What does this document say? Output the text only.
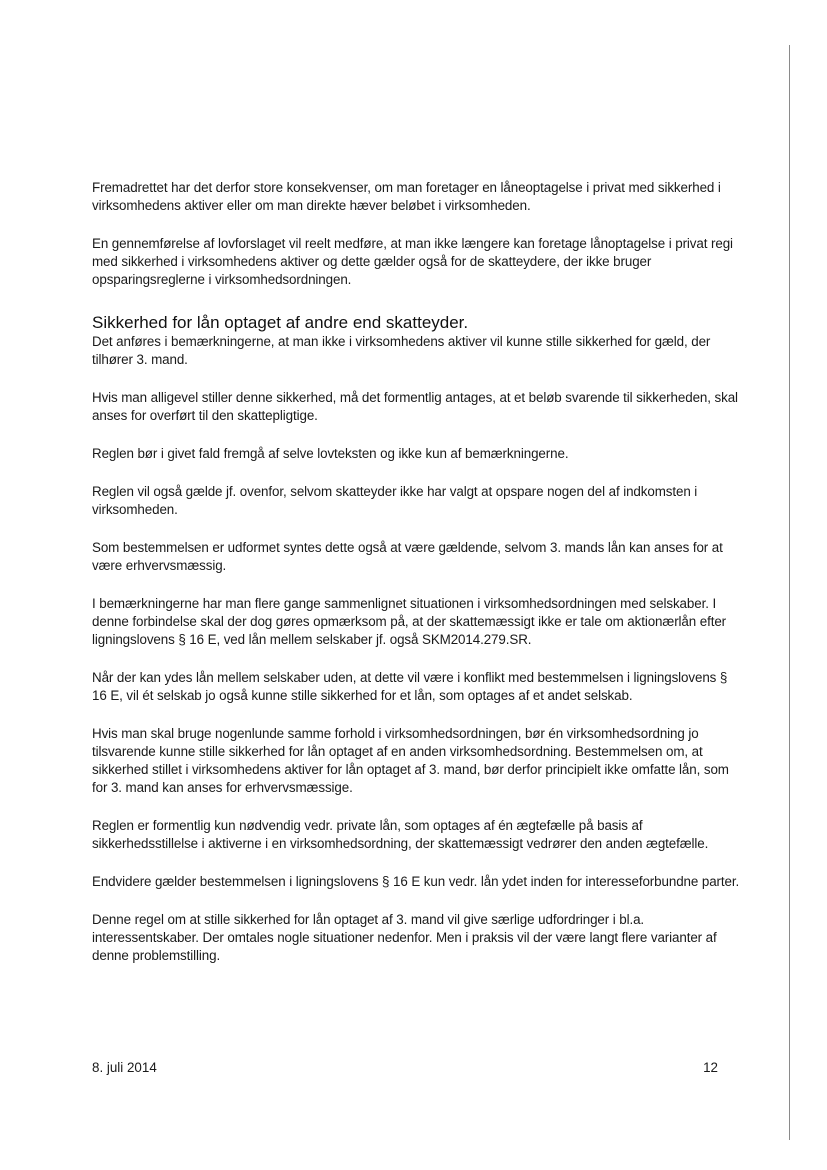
Fremadrettet har det derfor store konsekvenser, om man foretager en låneoptagelse i privat med sikkerhed i virksomhedens aktiver eller om man direkte hæver beløbet i virksomheden.

En gennemførelse af lovforslaget vil reelt medføre, at man ikke længere kan foretage lånoptagelse i privat regi med sikkerhed i virksomhedens aktiver og dette gælder også for de skatteydere, der ikke bruger opsparingsreglerne i virksomhedsordningen.

Sikkerhed for lån optaget af andre end skatteyder.

Det anføres i bemærkningerne, at man ikke i virksomhedens aktiver vil kunne stille sikkerhed for gæld, der tilhører 3. mand.

Hvis man alligevel stiller denne sikkerhed, må det formentlig antages, at et beløb svarende til sikkerheden, skal anses for overført til den skattepligtige.

Reglen bør i givet fald fremgå af selve lovteksten og ikke kun af bemærkningerne.

Reglen vil også gælde jf. ovenfor, selvom skatteyder ikke har valgt at opspare nogen del af indkomsten i virksomheden.

Som bestemmelsen er udformet syntes dette også at være gældende, selvom 3. mands lån kan anses for at være erhvervsmæssig.

I bemærkningerne har man flere gange sammenlignet situationen i virksomhedsordningen med selskaber. I denne forbindelse skal der dog gøres opmærksom på, at der skattemæssigt ikke er tale om aktionærlån efter ligningslovens § 16 E, ved lån mellem selskaber jf. også SKM2014.279.SR.

Når der kan ydes lån mellem selskaber uden, at dette vil være i konflikt med bestemmelsen i ligningslovens § 16 E, vil ét selskab jo også kunne stille sikkerhed for et lån, som optages af et andet selskab.

Hvis man skal bruge nogenlunde samme forhold i virksomhedsordningen, bør én virksomhedsordning jo tilsvarende kunne stille sikkerhed for lån optaget af en anden virksomhedsordning. Bestemmelsen om, at sikkerhed stillet i virksomhedens aktiver for lån optaget af 3. mand, bør derfor principielt ikke omfatte lån, som for 3. mand kan anses for erhvervsmæssige.

Reglen er formentlig kun nødvendig vedr. private lån, som optages af én ægtefælle på basis af sikkerhedsstillelse i aktiverne i en virksomhedsordning, der skattemæssigt vedrører den anden ægtefælle.

Endvidere gælder bestemmelsen i ligningslovens § 16 E kun vedr. lån ydet inden for interesseforbundne parter.

Denne regel om at stille sikkerhed for lån optaget af 3. mand vil give særlige udfordringer i bl.a. interessentskaber. Der omtales nogle situationer nedenfor. Men i praksis vil der være langt flere varianter af denne problemstilling.

8. juli 2014	12
